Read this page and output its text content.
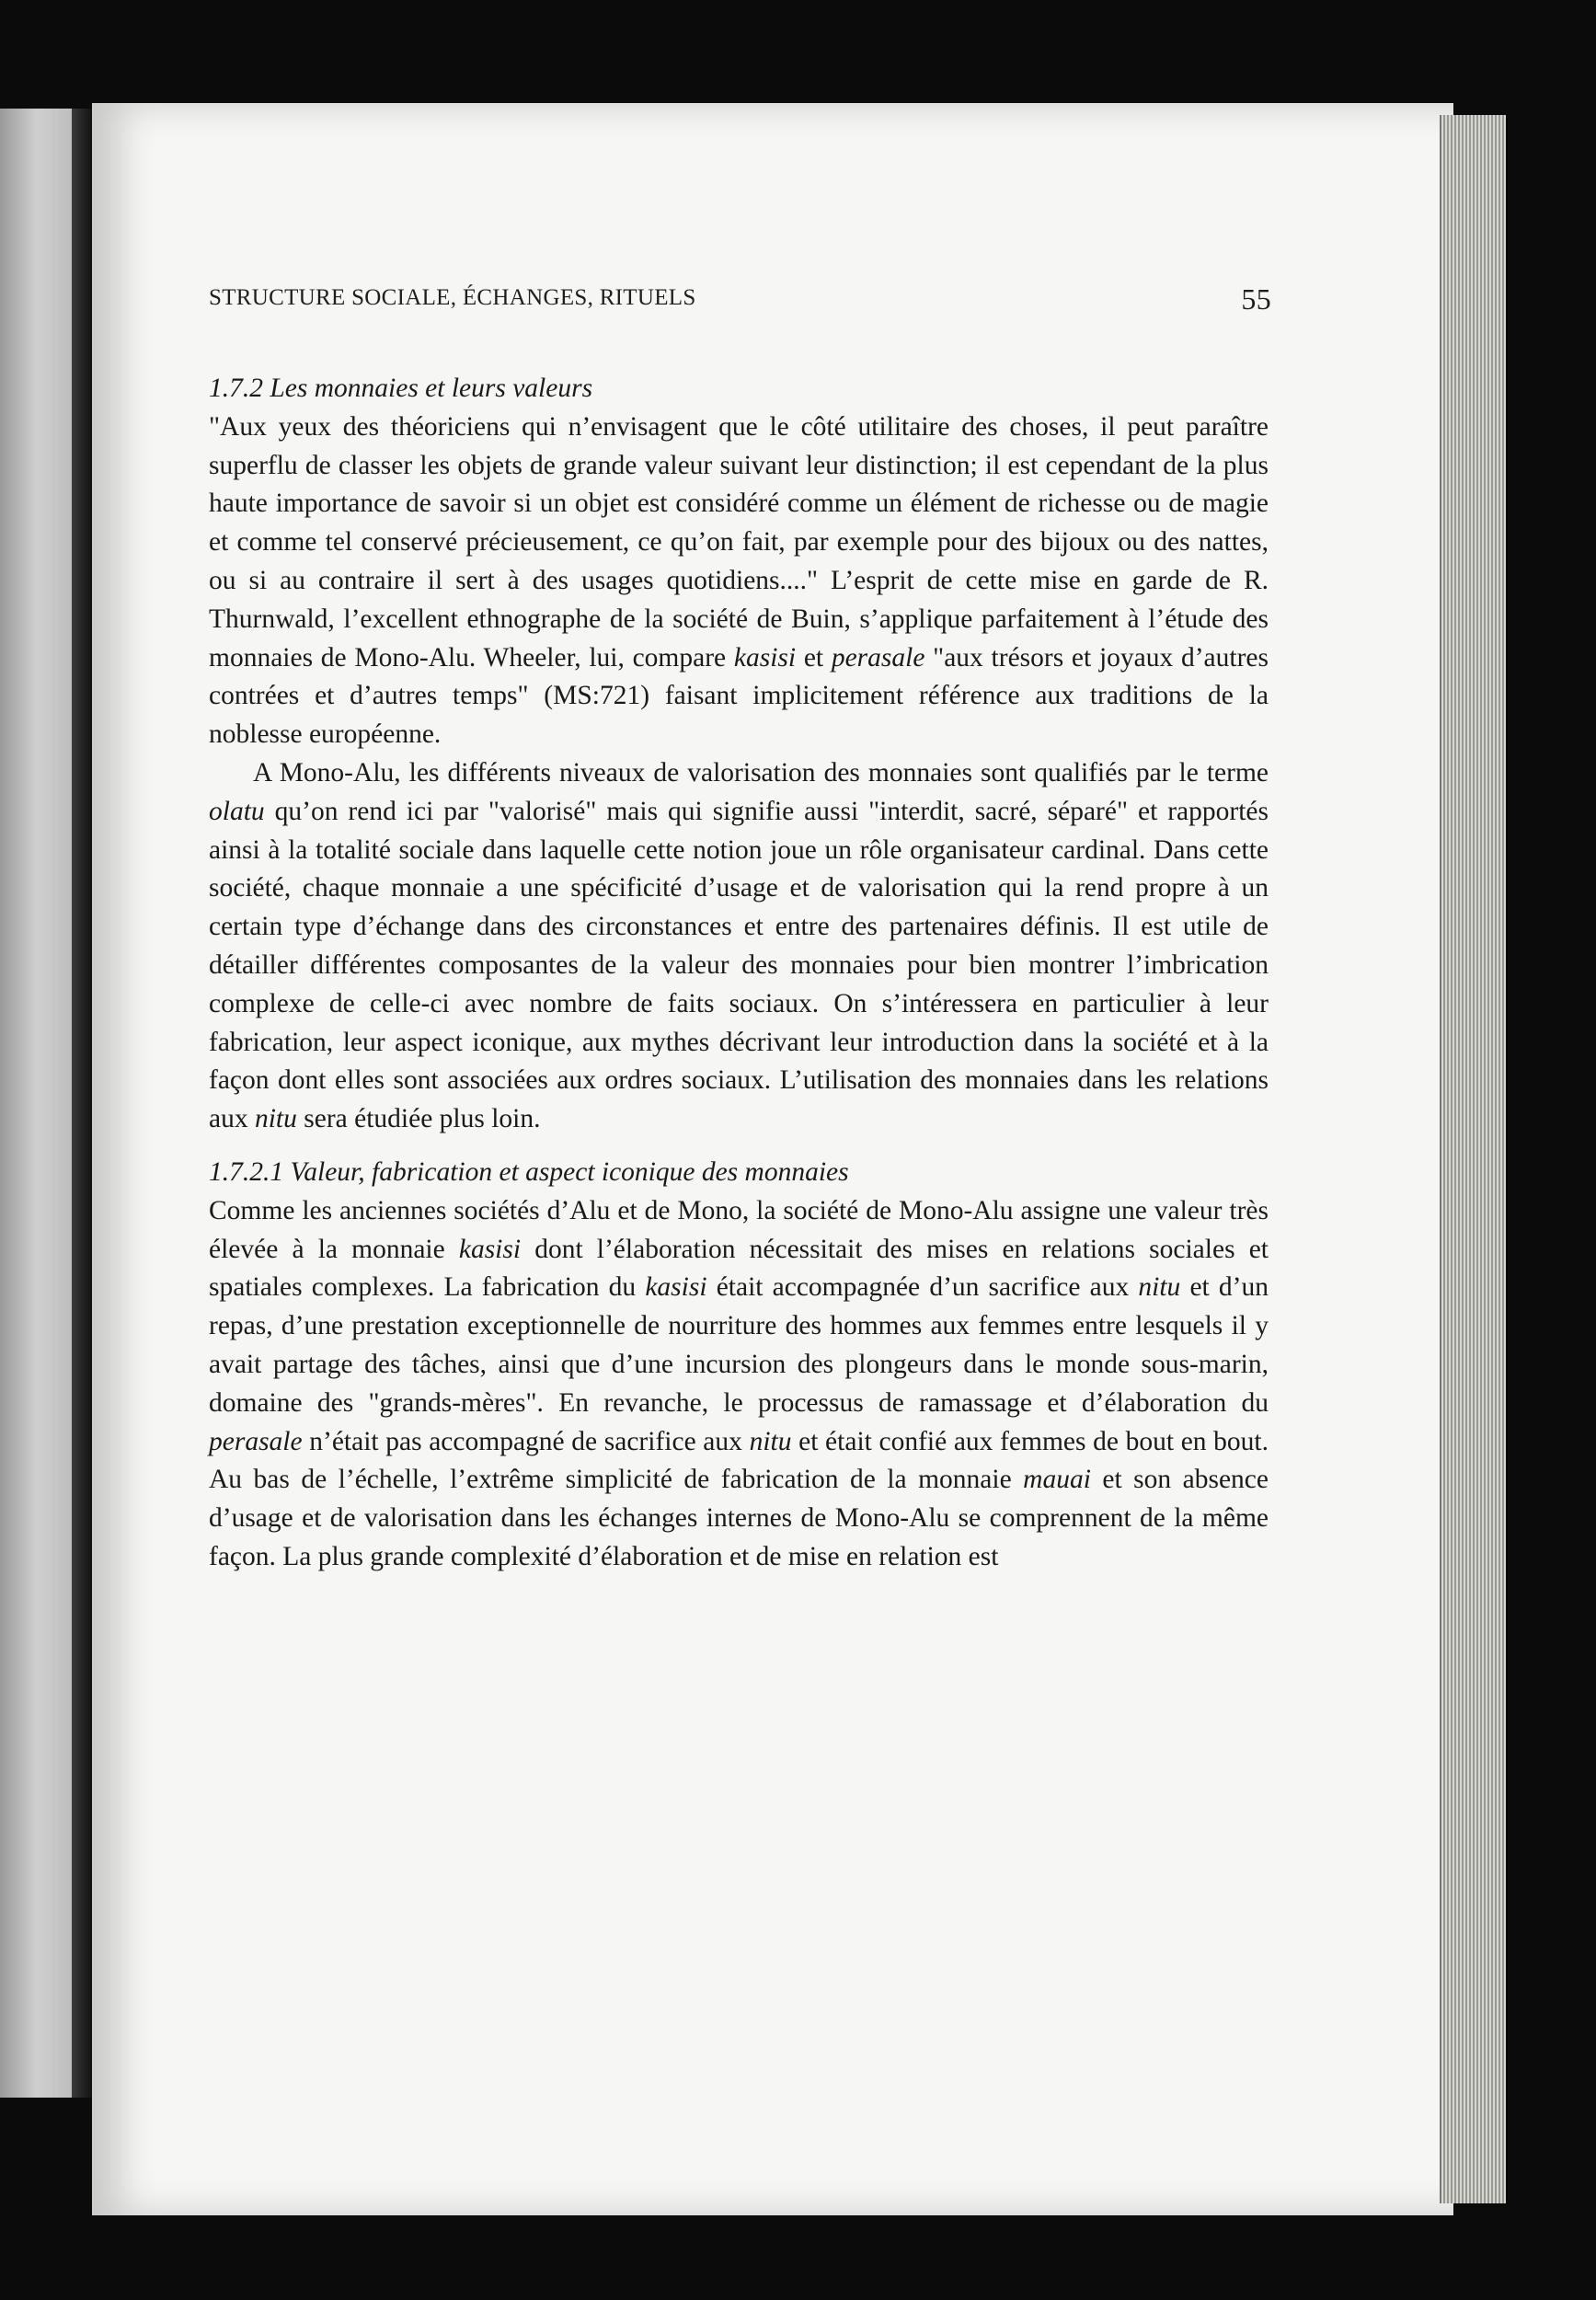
STRUCTURE SOCIALE, ÉCHANGES, RITUELS	55

1.7.2 Les monnaies et leurs valeurs

"Aux yeux des théoriciens qui n’envisagent que le côté utilitaire des choses, il peut paraître superflu de classer les objets de grande valeur suivant leur distinction; il est cependant de la plus haute importance de savoir si un objet est considéré comme un élément de richesse ou de magie et comme tel conservé précieusement, ce qu’on fait, par exemple pour des bijoux ou des nattes, ou si au contraire il sert à des usages quotidiens...." L’esprit de cette mise en garde de R. Thurnwald, l’excellent ethnographe de la société de Buin, s’applique parfaitement à l’étude des monnaies de Mono-Alu. Wheeler, lui, compare kasisi et perasale "aux trésors et joyaux d’autres contrées et d’autres temps" (MS:721) faisant implicitement référence aux traditions de la noblesse européenne.

A Mono-Alu, les différents niveaux de valorisation des monnaies sont qualifiés par le terme olatu qu’on rend ici par "valorisé" mais qui signifie aussi "interdit, sacré, séparé" et rapportés ainsi à la totalité sociale dans laquelle cette notion joue un rôle organisateur cardinal. Dans cette société, chaque monnaie a une spécificité d’usage et de valorisation qui la rend propre à un certain type d’échange dans des circonstances et entre des partenaires définis. Il est utile de détailler différentes composantes de la valeur des monnaies pour bien montrer l’imbrication complexe de celle-ci avec nombre de faits sociaux. On s’intéressera en particulier à leur fabrication, leur aspect iconique, aux mythes décrivant leur introduction dans la société et à la façon dont elles sont associées aux ordres sociaux. L’utilisation des monnaies dans les relations aux nitu sera étudiée plus loin.

1.7.2.1 Valeur, fabrication et aspect iconique des monnaies

Comme les anciennes sociétés d’Alu et de Mono, la société de Mono-Alu assigne une valeur très élevée à la monnaie kasisi dont l’élaboration nécessitait des mises en relations sociales et spatiales complexes. La fabrication du kasisi était accompagnée d’un sacrifice aux nitu et d’un repas, d’une prestation exceptionnelle de nourriture des hommes aux femmes entre lesquels il y avait partage des tâches, ainsi que d’une incursion des plongeurs dans le monde sous-marin, domaine des "grands-mères". En revanche, le processus de ramassage et d’élaboration du perasale n’était pas accompagné de sacrifice aux nitu et était confié aux femmes de bout en bout. Au bas de l’échelle, l’extrême simplicité de fabrication de la monnaie mauai et son absence d’usage et de valorisation dans les échanges internes de Mono-Alu se comprennent de la même façon. La plus grande complexité d’élaboration et de mise en relation est
